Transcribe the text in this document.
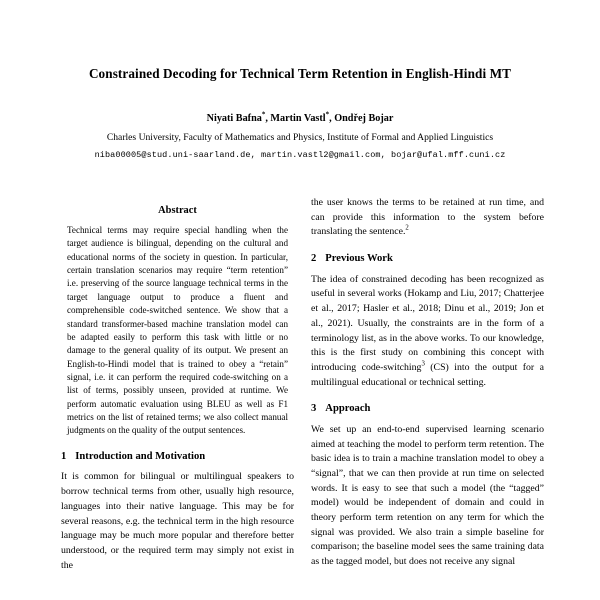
Constrained Decoding for Technical Term Retention in English-Hindi MT
Niyati Bafna*, Martin Vastl*, Ondřej Bojar
Charles University, Faculty of Mathematics and Physics, Institute of Formal and Applied Linguistics
niba00005@stud.uni-saarland.de, martin.vastl2@gmail.com, bojar@ufal.mff.cuni.cz
Abstract

Technical terms may require special handling when the target audience is bilingual, depending on the cultural and educational norms of the society in question. In particular, certain translation scenarios may require “term retention” i.e. preserving of the source language technical terms in the target language output to produce a fluent and comprehensible code-switched sentence. We show that a standard transformer-based machine translation model can be adapted easily to perform this task with little or no damage to the general quality of its output. We present an English-to-Hindi model that is trained to obey a “retain” signal, i.e. it can perform the required code-switching on a list of terms, possibly unseen, provided at runtime. We perform automatic evaluation using BLEU as well as F1 metrics on the list of retained terms; we also collect manual judgments on the quality of the output sentences.

1 Introduction and Motivation

It is common for bilingual or multilingual speakers to borrow technical terms from other, usually high resource, languages into their native language. This may be for several reasons, e.g. the technical term in the high resource language may be much more popular and therefore better understood, or the required term may simply not exist in the

the user knows the terms to be retained at run time, and can provide this information to the system before translating the sentence.$^2$

2 Previous Work

The idea of constrained decoding has been recognized as useful in several works (Hokamp and Liu, 2017; Chatterjee et al., 2017; Hasler et al., 2018; Dinu et al., 2019; Jon et al., 2021). Usually, the constraints are in the form of a terminology list, as in the above works. To our knowledge, this is the first study on combining this concept with introducing code-switching$^3$ (CS) into the output for a multilingual educational or technical setting.

3 Approach

We set up an end-to-end supervised learning scenario aimed at teaching the model to perform term retention. The basic idea is to train a machine translation model to obey a “signal”, that we can then provide at run time on selected words. It is easy to see that such a model (the “tagged” model) would be independent of domain and could in theory perform term retention on any term for which the signal was provided. We also train a simple baseline for comparison; the baseline model sees the same training data as the tagged model, but does not receive any signal
